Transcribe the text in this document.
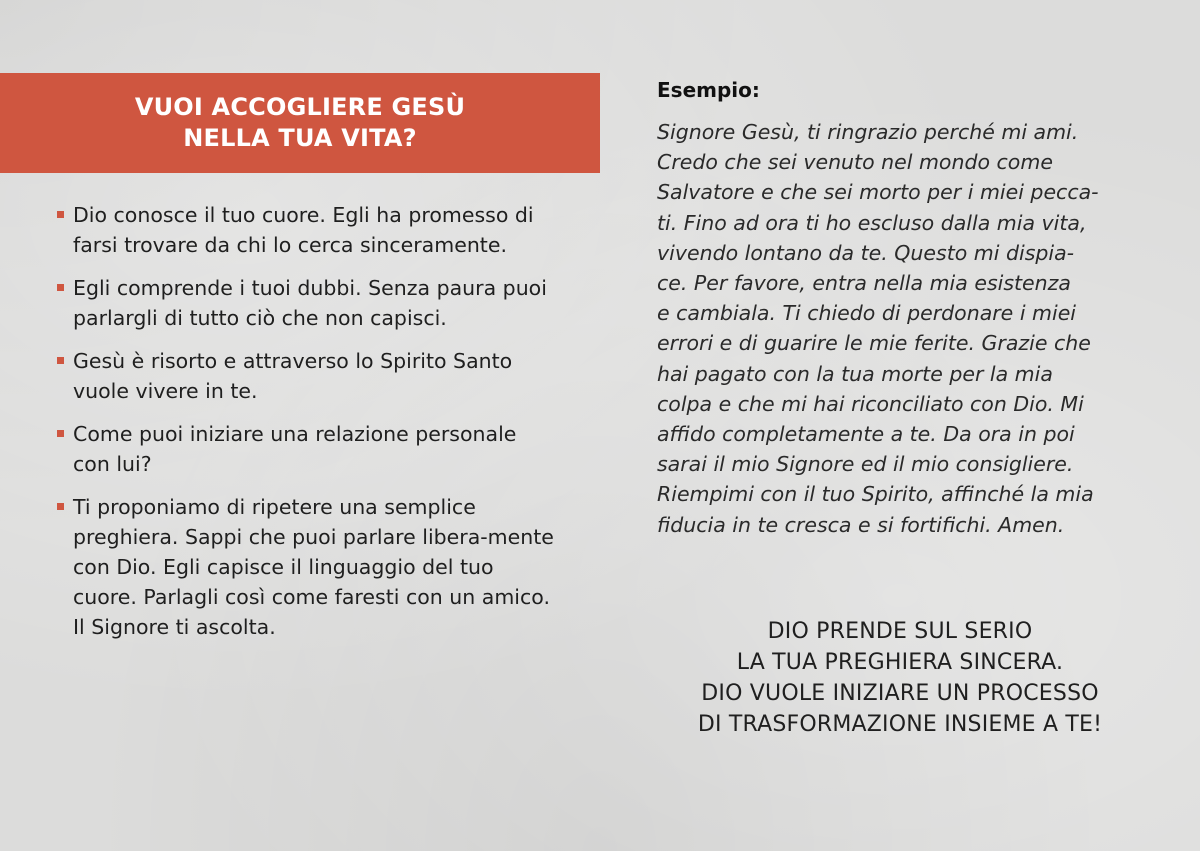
VUOI ACCOGLIERE GESÙ
NELLA TUA VITA?
Dio conosce il tuo cuore. Egli ha promesso di farsi trovare da chi lo cerca sinceramente.
Egli comprende i tuoi dubbi. Senza paura puoi parlargli di tutto ciò che non capisci.
Gesù è risorto e attraverso lo Spirito Santo vuole vivere in te.
Come puoi iniziare una relazione personale con lui?
Ti proponiamo di ripetere una semplice preghiera. Sappi che puoi parlare libera-mente con Dio. Egli capisce il linguaggio del tuo cuore. Parlagli così come faresti con un amico. Il Signore ti ascolta.
Esempio:

Signore Gesù, ti ringrazio perché mi ami.
Credo che sei venuto nel mondo come
Salvatore e che sei morto per i miei pecca-
ti. Fino ad ora ti ho escluso dalla mia vita,
vivendo lontano da te. Questo mi dispia-
ce. Per favore, entra nella mia esistenza
e cambiala. Ti chiedo di perdonare i miei
errori e di guarire le mie ferite. Grazie che
hai pagato con la tua morte per la mia
colpa e che mi hai riconciliato con Dio. Mi
affido completamente a te. Da ora in poi
sarai il mio Signore ed il mio consigliere.
Riempimi con il tuo Spirito, affinché la mia
fiducia in te cresca e si fortifichi. Amen.

DIO PRENDE SUL SERIO
LA TUA PREGHIERA SINCERA.
DIO VUOLE INIZIARE UN PROCESSO
DI TRASFORMAZIONE INSIEME A TE!
